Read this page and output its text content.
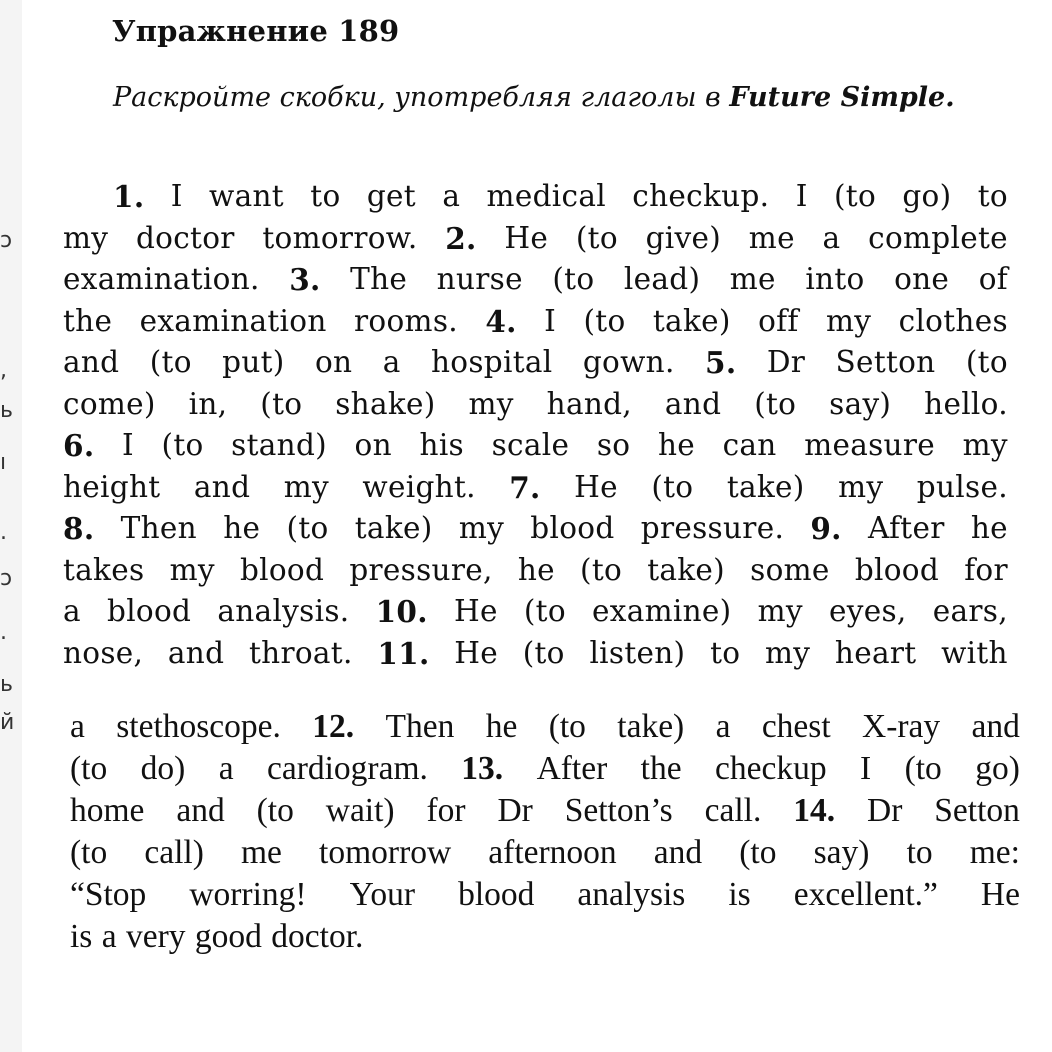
ɔ
,
ь
ı
.
ɔ
.
ь
й
Упражнение 189
Раскройте скобки, употребляя глаголы в Future Simple.
1. I want to get a medical checkup. I (to go) to
my doctor tomorrow. 2. He (to give) me a complete
examination. 3. The nurse (to lead) me into one of
the examination rooms. 4. I (to take) off my clothes
and (to put) on a hospital gown. 5. Dr Setton (to
come) in, (to shake) my hand, and (to say) hello.
6. I (to stand) on his scale so he can measure my
height and my weight. 7. He (to take) my pulse.
8. Then he (to take) my blood pressure. 9. After he
takes my blood pressure, he (to take) some blood for
a blood analysis. 10. He (to examine) my eyes, ears,
nose, and throat. 11. He (to listen) to my heart with
a stethoscope. 12. Then he (to take) a chest X-ray and
(to do) a cardiogram. 13. After the checkup I (to go)
home and (to wait) for Dr Setton’s call. 14. Dr Setton
(to call) me tomorrow afternoon and (to say) to me:
“Stop worring! Your blood analysis is excellent.” He
is a very good doctor.
